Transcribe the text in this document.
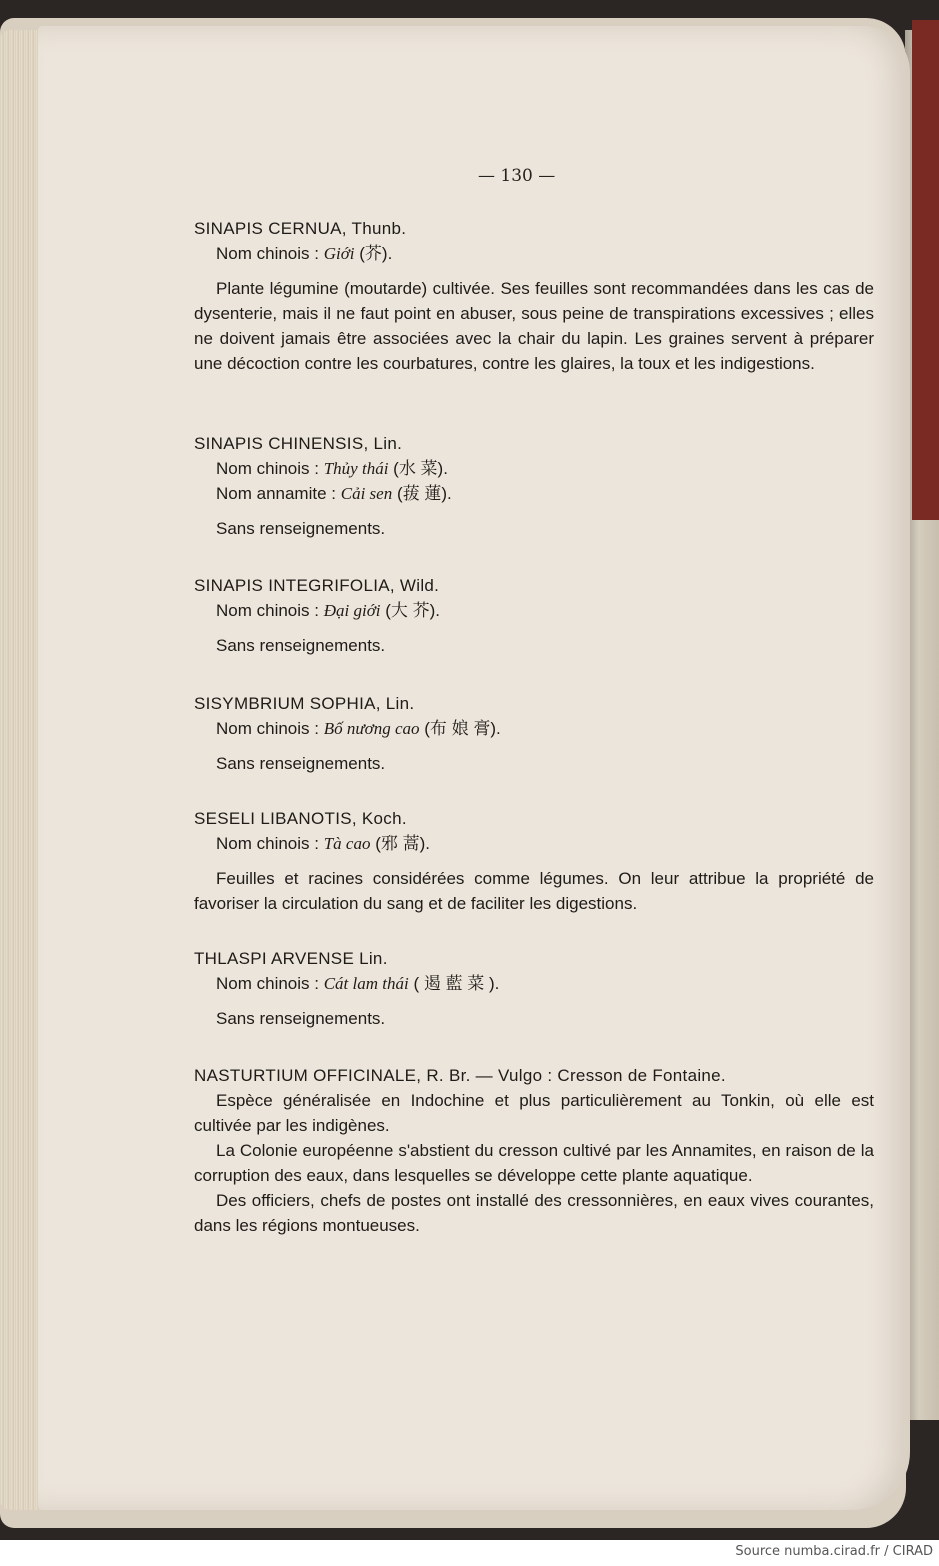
— 130 —
SINAPIS CERNUA, Thunb.
Nom chinois : Giới (芥).
Plante légumine (moutarde) cultivée. Ses feuilles sont recommandées dans les cas de dysenterie, mais il ne faut point en abuser, sous peine de transpirations excessives ; elles ne doivent jamais être associées avec la chair du lapin. Les graines servent à préparer une décoction contre les courbatures, contre les glaires, la toux et les indigestions.
SINAPIS CHINENSIS, Lin.
Nom chinois : Thủy thái (水 菜).
Nom annamite : Cải sen (菝 蓮).
Sans renseignements.
SINAPIS INTEGRIFOLIA, Wild.
Nom chinois : Đại giới (大 芥).
Sans renseignements.
SISYMBRIUM SOPHIA, Lin.
Nom chinois : Bố nương cao (布 娘 膏).
Sans renseignements.
SESELI LIBANOTIS, Koch.
Nom chinois : Tà cao (邪 蒿).
Feuilles et racines considérées comme légumes. On leur attribue la propriété de favoriser la circulation du sang et de faciliter les digestions.
THLASPI ARVENSE Lin.
Nom chinois : Cát lam thái ( 遏 藍 菜 ).
Sans renseignements.
NASTURTIUM OFFICINALE, R. Br. — Vulgo : Cresson de Fontaine.
Espèce généralisée en Indochine et plus particulièrement au Tonkin, où elle est cultivée par les indigènes.
La Colonie européenne s'abstient du cresson cultivé par les Annamites, en raison de la corruption des eaux, dans lesquelles se développe cette plante aquatique.
Des officiers, chefs de postes ont installé des cressonnières, en eaux vives courantes, dans les régions montueuses.
Source numba.cirad.fr / CIRAD
